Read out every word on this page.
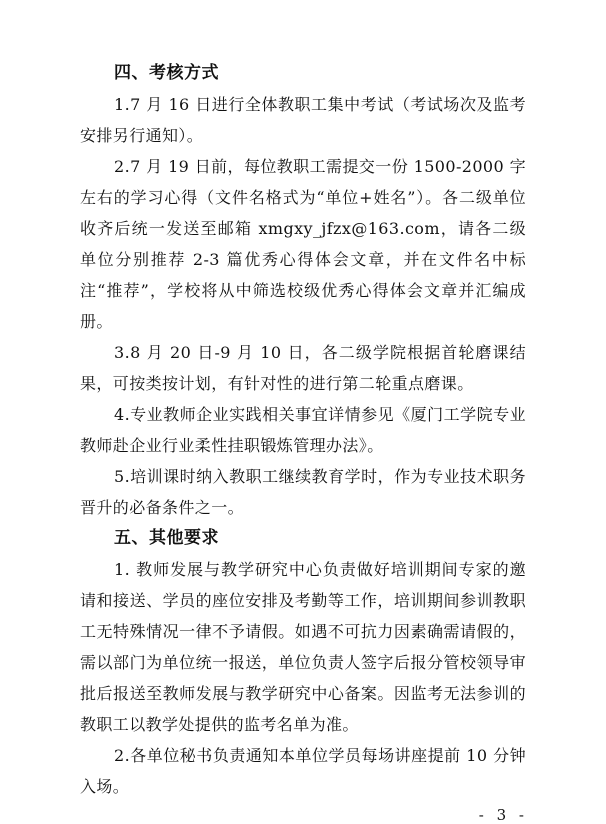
四、考核方式
1.7 月 16 日进行全体教职工集中考试（考试场次及监考安排另行通知）。
2.7 月 19 日前，每位教职工需提交一份 1500-2000 字左右的学习心得（文件名格式为“单位+姓名”）。各二级单位收齐后统一发送至邮箱 xmgxy_jfzx@163.com，请各二级单位分别推荐 2-3 篇优秀心得体会文章，并在文件名中标注“推荐”，学校将从中筛选校级优秀心得体会文章并汇编成册。
3.8 月 20 日-9 月 10 日，各二级学院根据首轮磨课结果，可按类按计划，有针对性的进行第二轮重点磨课。
4.专业教师企业实践相关事宜详情参见《厦门工学院专业教师赴企业行业柔性挂职锻炼管理办法》。
5.培训课时纳入教职工继续教育学时，作为专业技术职务晋升的必备条件之一。
五、其他要求
1. 教师发展与教学研究中心负责做好培训期间专家的邀请和接送、学员的座位安排及考勤等工作，培训期间参训教职工无特殊情况一律不予请假。如遇不可抗力因素确需请假的，需以部门为单位统一报送，单位负责人签字后报分管校领导审批后报送至教师发展与教学研究中心备案。因监考无法参训的教职工以教学处提供的监考名单为准。
2.各单位秘书负责通知本单位学员每场讲座提前 10 分钟入场。
- 3 -
